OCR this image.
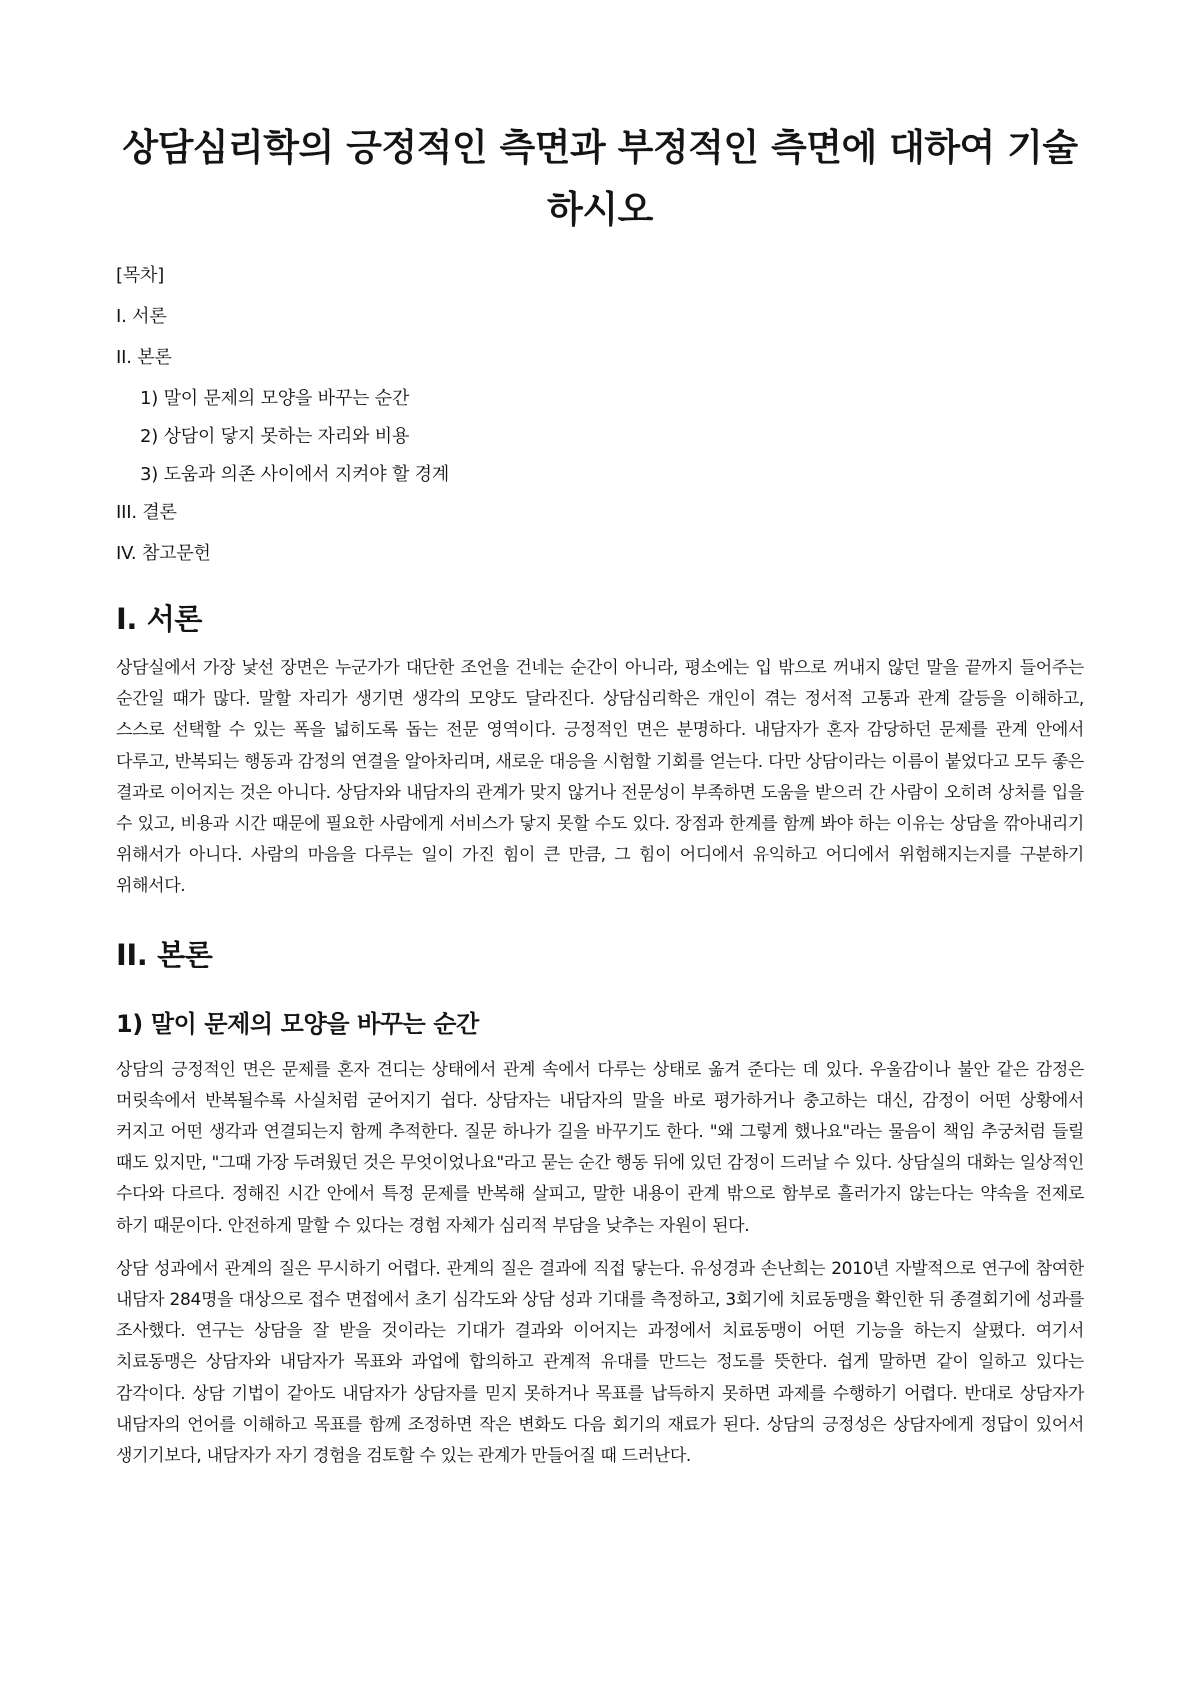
상담심리학의 긍정적인 측면과 부정적인 측면에 대하여 기술하시오
[목차]
I. 서론
II. 본론
1) 말이 문제의 모양을 바꾸는 순간
2) 상담이 닿지 못하는 자리와 비용
3) 도움과 의존 사이에서 지켜야 할 경계
III. 결론
IV. 참고문헌
I. 서론

상담실에서 가장 낯선 장면은 누군가가 대단한 조언을 건네는 순간이 아니라, 평소에는 입 밖으로 꺼내지 않던 말을 끝까지 들어주는 순간일 때가 많다. 말할 자리가 생기면 생각의 모양도 달라진다. 상담심리학은 개인이 겪는 정서적 고통과 관계 갈등을 이해하고, 스스로 선택할 수 있는 폭을 넓히도록 돕는 전문 영역이다. 긍정적인 면은 분명하다. 내담자가 혼자 감당하던 문제를 관계 안에서 다루고, 반복되는 행동과 감정의 연결을 알아차리며, 새로운 대응을 시험할 기회를 얻는다. 다만 상담이라는 이름이 붙었다고 모두 좋은 결과로 이어지는 것은 아니다. 상담자와 내담자의 관계가 맞지 않거나 전문성이 부족하면 도움을 받으러 간 사람이 오히려 상처를 입을 수 있고, 비용과 시간 때문에 필요한 사람에게 서비스가 닿지 못할 수도 있다. 장점과 한계를 함께 봐야 하는 이유는 상담을 깎아내리기 위해서가 아니다. 사람의 마음을 다루는 일이 가진 힘이 큰 만큼, 그 힘이 어디에서 유익하고 어디에서 위험해지는지를 구분하기 위해서다.

II. 본론
1) 말이 문제의 모양을 바꾸는 순간

상담의 긍정적인 면은 문제를 혼자 견디는 상태에서 관계 속에서 다루는 상태로 옮겨 준다는 데 있다. 우울감이나 불안 같은 감정은 머릿속에서 반복될수록 사실처럼 굳어지기 쉽다. 상담자는 내담자의 말을 바로 평가하거나 충고하는 대신, 감정이 어떤 상황에서 커지고 어떤 생각과 연결되는지 함께 추적한다. 질문 하나가 길을 바꾸기도 한다. "왜 그렇게 했나요"라는 물음이 책임 추궁처럼 들릴 때도 있지만, "그때 가장 두려웠던 것은 무엇이었나요"라고 묻는 순간 행동 뒤에 있던 감정이 드러날 수 있다. 상담실의 대화는 일상적인 수다와 다르다. 정해진 시간 안에서 특정 문제를 반복해 살피고, 말한 내용이 관계 밖으로 함부로 흘러가지 않는다는 약속을 전제로 하기 때문이다. 안전하게 말할 수 있다는 경험 자체가 심리적 부담을 낮추는 자원이 된다.

상담 성과에서 관계의 질은 무시하기 어렵다. 관계의 질은 결과에 직접 닿는다. 유성경과 손난희는 2010년 자발적으로 연구에 참여한 내담자 284명을 대상으로 접수 면접에서 초기 심각도와 상담 성과 기대를 측정하고, 3회기에 치료동맹을 확인한 뒤 종결회기에 성과를 조사했다. 연구는 상담을 잘 받을 것이라는 기대가 결과와 이어지는 과정에서 치료동맹이 어떤 기능을 하는지 살폈다. 여기서 치료동맹은 상담자와 내담자가 목표와 과업에 합의하고 관계적 유대를 만드는 정도를 뜻한다. 쉽게 말하면 같이 일하고 있다는 감각이다. 상담 기법이 같아도 내담자가 상담자를 믿지 못하거나 목표를 납득하지 못하면 과제를 수행하기 어렵다. 반대로 상담자가 내담자의 언어를 이해하고 목표를 함께 조정하면 작은 변화도 다음 회기의 재료가 된다. 상담의 긍정성은 상담자에게 정답이 있어서 생기기보다, 내담자가 자기 경험을 검토할 수 있는 관계가 만들어질 때 드러난다.
